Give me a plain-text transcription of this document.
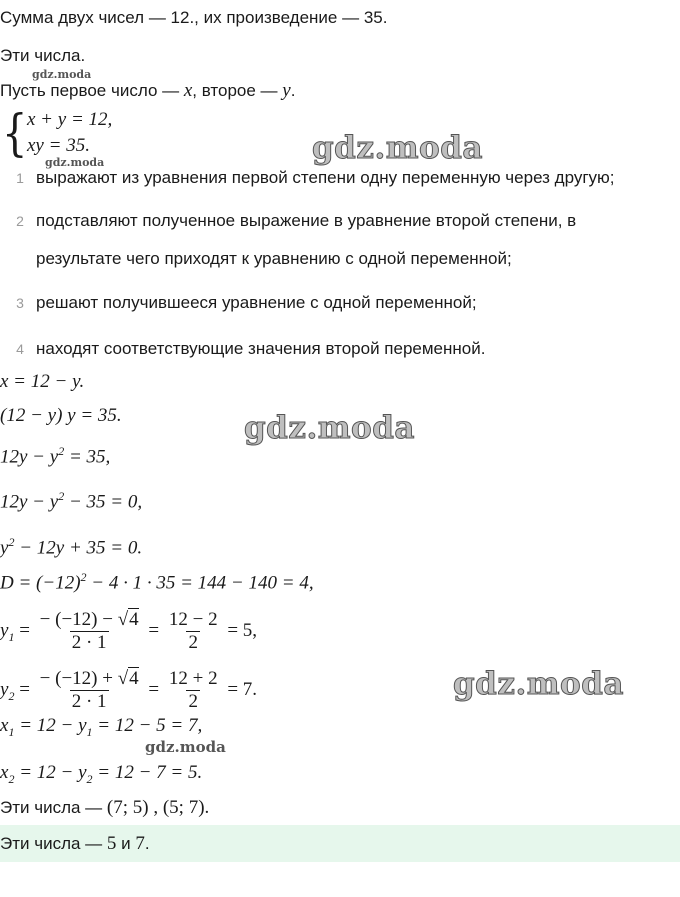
Сумма двух чисел — 12., их произведение — 35.
Эти числа.
gdz.moda
Пусть первое число — x, второе — y.
{ x + y = 12,
xy = 35.
gdz.moda	gdz.moda
1 выражают из уравнения первой степени одну переменную через другую;
2 подставляют полученное выражение в уравнение второй степени, в
результате чего приходят к уравнению с одной переменной;
3 решают получившееся уравнение с одной переменной;
4 находят соответствующие значения второй переменной.
x = 12 − y.
(12 − y) y = 35.	gdz.moda
$12y - y^2 = 35$,
$12y - y^2 - 35 = 0$,
$y^2 - 12y + 35 = 0$.
$D = (-12)^2 - 4 \cdot 1 \cdot 35 = 144 - 140 = 4$,
$y_1 = \frac{- (-12) - √4}{2 \cdot 1} = \frac{12 - 2}{2} = 5$,
$y_2 = \frac{- (-12) + √4}{2 \cdot 1} = \frac{12 + 2}{2} = 7$.	gdz.moda
$x_1 = 12 - y_1 = 12 - 5 = 7$,
gdz.moda
$x_2 = 12 - y_2 = 12 - 7 = 5$.
Эти числа — (7; 5) , (5; 7).
Эти числа — 5 и 7.
